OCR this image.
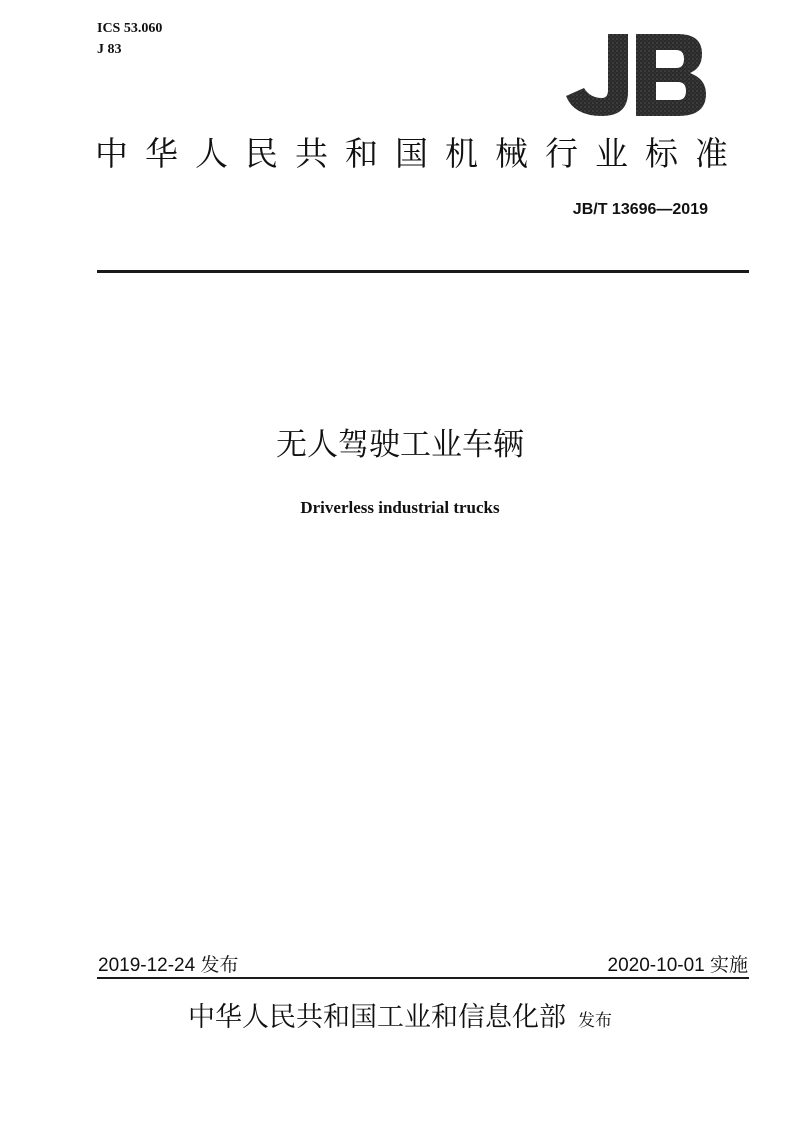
ICS 53.060
J 83
JB
中华人民共和国机械行业标准
JB/T 13696—2019
无人驾驶工业车辆
Driverless industrial trucks
2019-12-24 发布	2020-10-01 实施
中华人民共和国工业和信息化部 发布
